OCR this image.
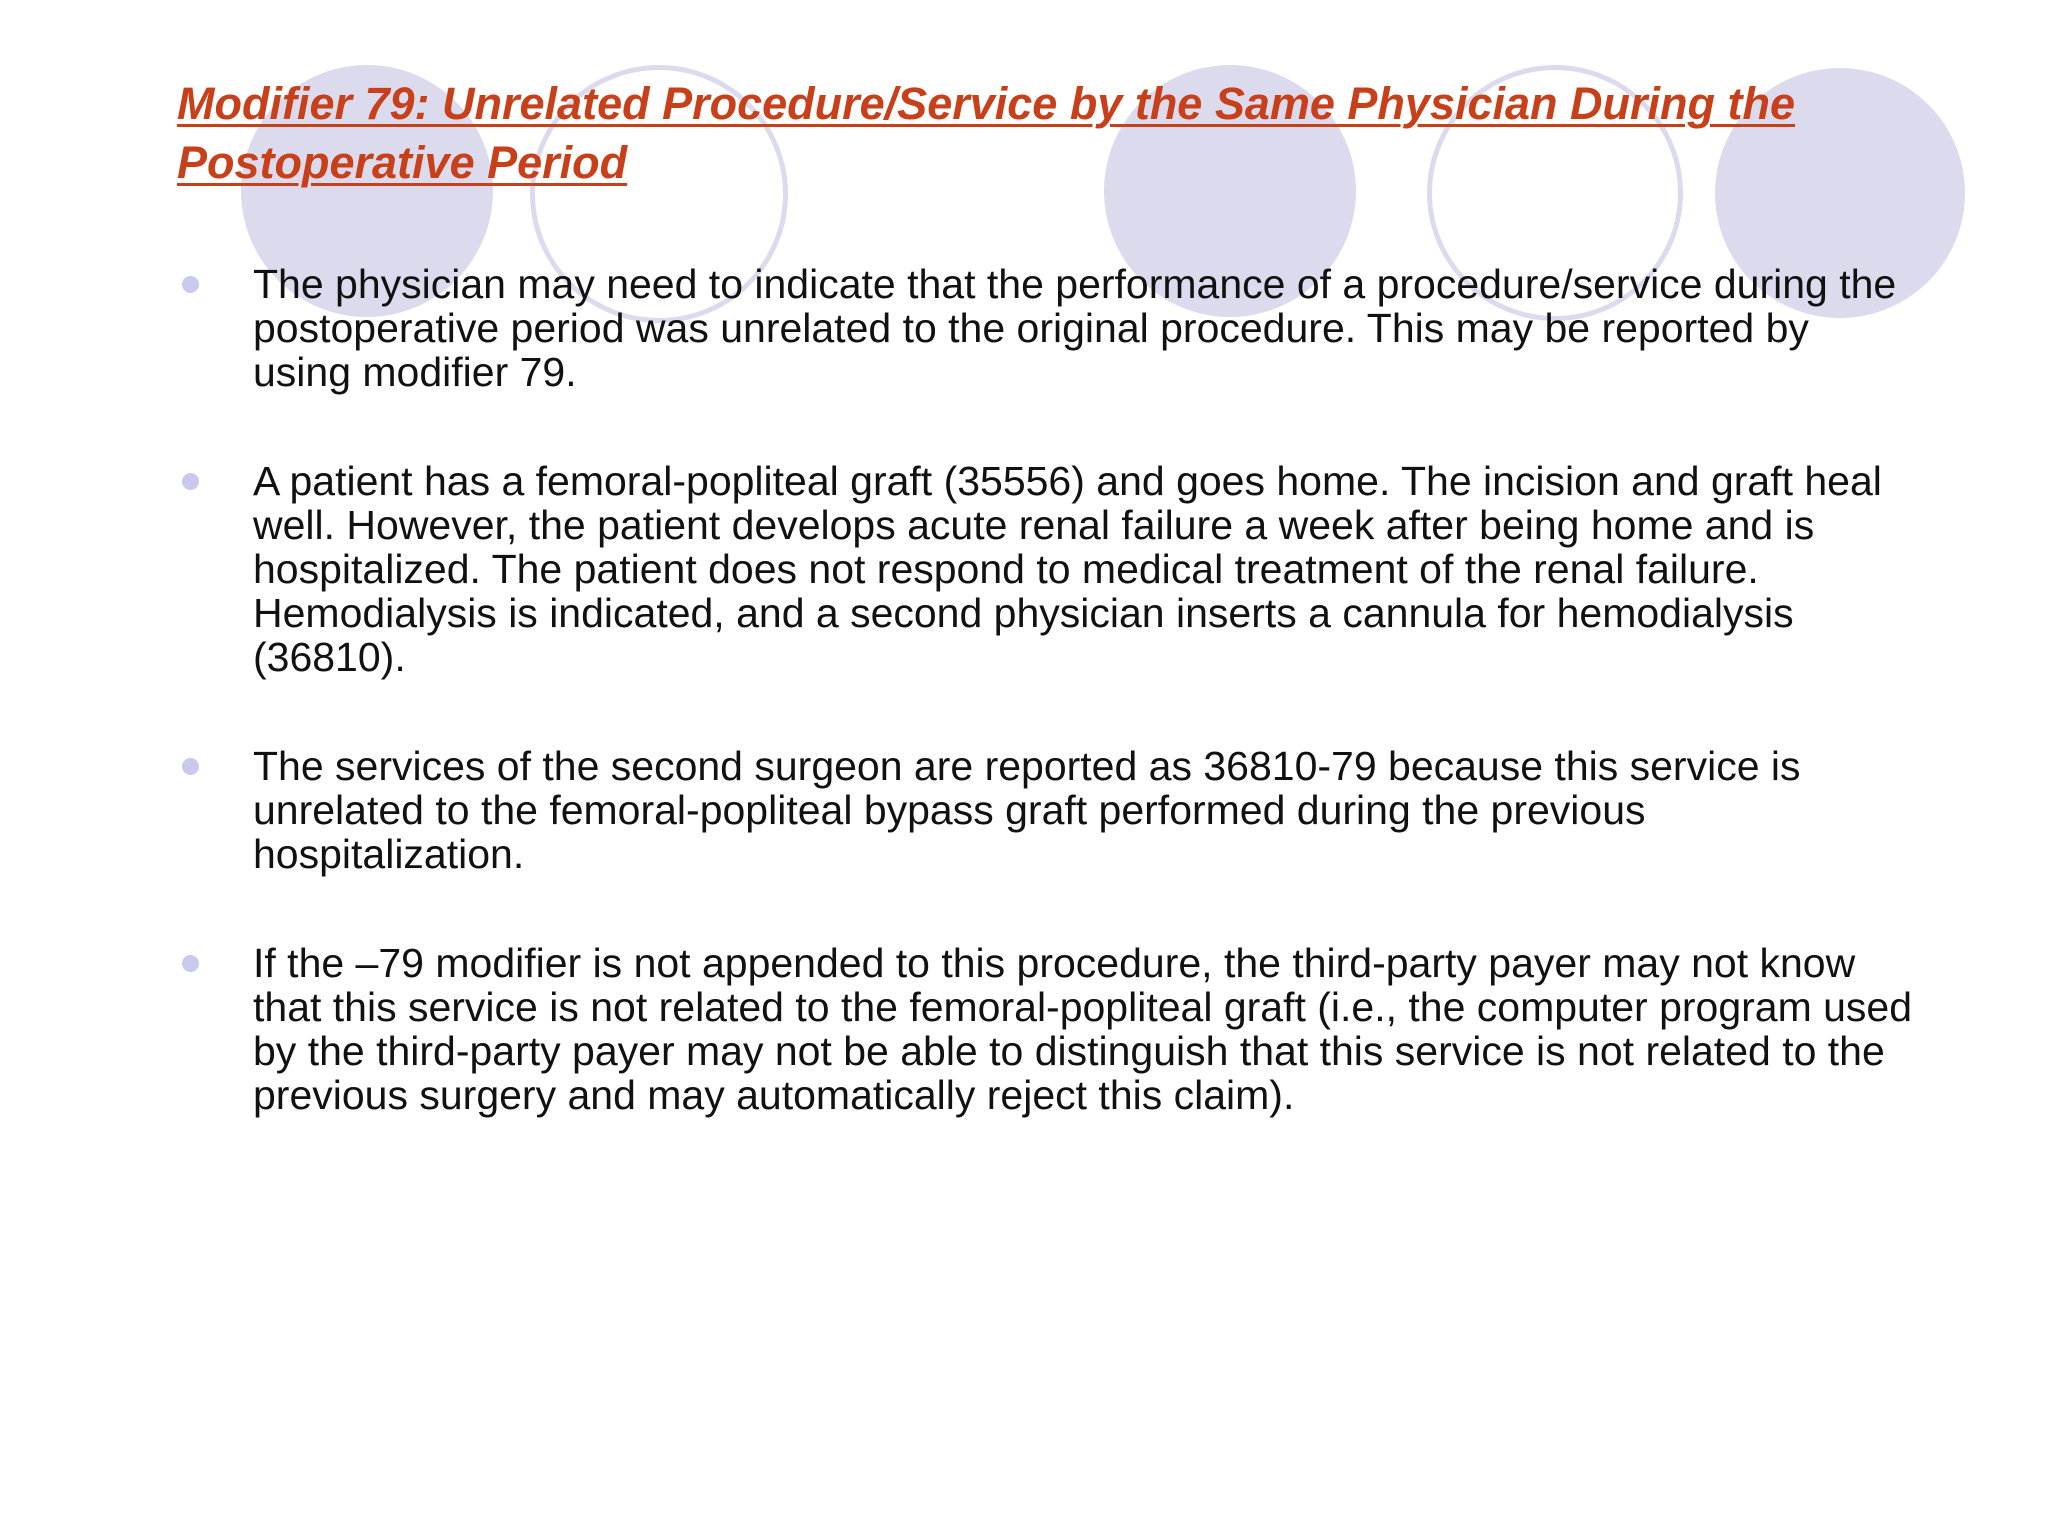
Modifier 79: Unrelated Procedure/Service by the Same Physician During the Postoperative Period
The physician may need to indicate that the performance of a procedure/service during the postoperative period was unrelated to the original procedure. This may be reported by using modifier 79.
A patient has a femoral-popliteal graft (35556) and goes home. The incision and graft heal well. However, the patient develops acute renal failure a week after being home and is hospitalized. The patient does not respond to medical treatment of the renal failure. Hemodialysis is indicated, and a second physician inserts a cannula for hemodialysis (36810).
The services of the second surgeon are reported as 36810-79 because this service is unrelated to the femoral-popliteal bypass graft performed during the previous hospitalization.
If the –79 modifier is not appended to this procedure, the third-party payer may not know that this service is not related to the femoral-popliteal graft (i.e., the computer program used by the third-party payer may not be able to distinguish that this service is not related to the previous surgery and may automatically reject this claim).
